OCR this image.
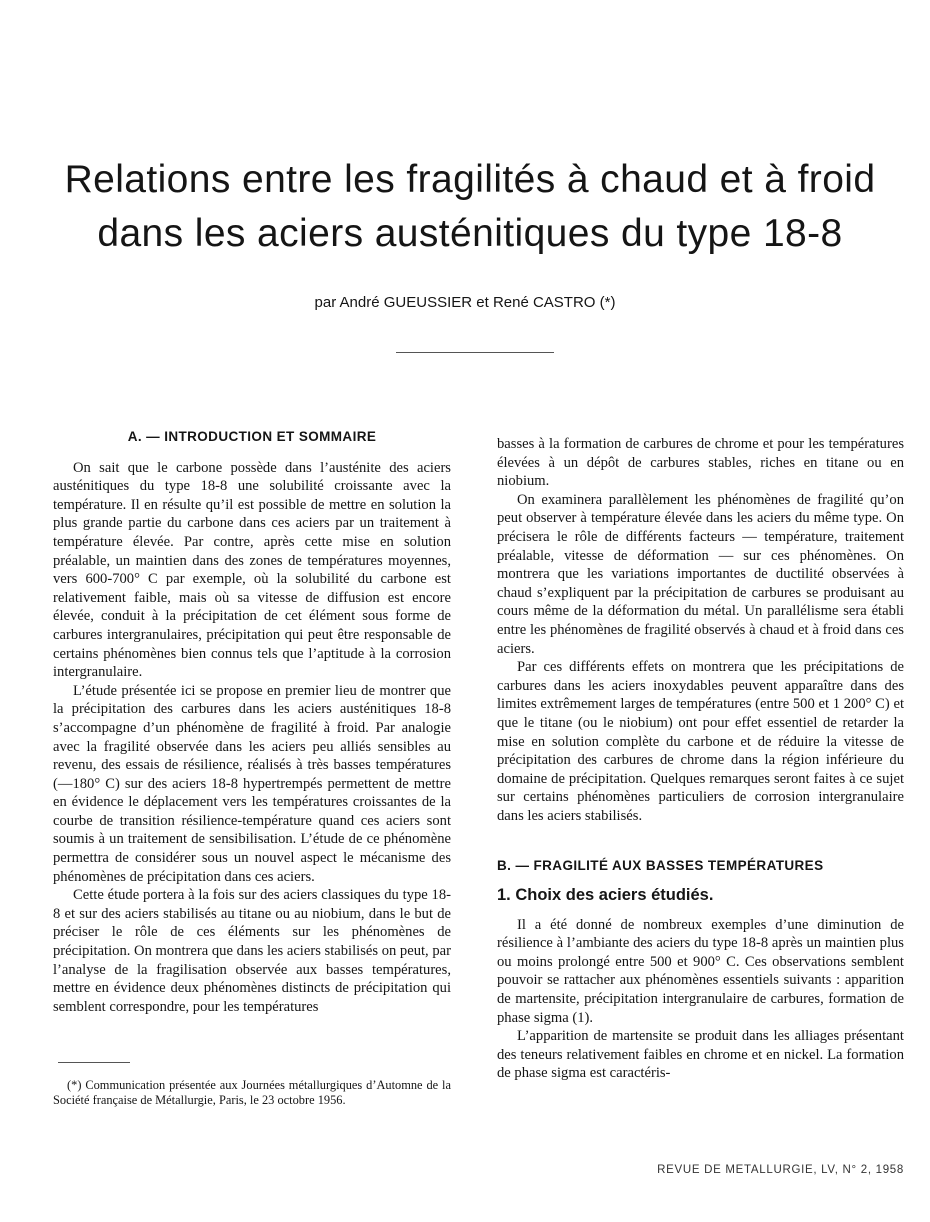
Relations entre les fragilités à chaud et à froid
dans les aciers austénitiques du type 18-8
par André GUEUSSIER et René CASTRO (*)
A. — INTRODUCTION ET SOMMAIRE

On sait que le carbone possède dans l’austénite des aciers austénitiques du type 18-8 une solubilité croissante avec la température. Il en résulte qu’il est possible de mettre en solution la plus grande partie du carbone dans ces aciers par un traitement à température élevée. Par contre, après cette mise en solution préalable, un maintien dans des zones de températures moyennes, vers 600-700° C par exemple, où la solubilité du carbone est relativement faible, mais où sa vitesse de diffusion est encore élevée, conduit à la précipitation de cet élément sous forme de carbures intergranulaires, précipitation qui peut être responsable de certains phénomènes bien connus tels que l’aptitude à la corrosion intergranulaire.

L’étude présentée ici se propose en premier lieu de montrer que la précipitation des carbures dans les aciers austénitiques 18-8 s’accompagne d’un phénomène de fragilité à froid. Par analogie avec la fragilité observée dans les aciers peu alliés sensibles au revenu, des essais de résilience, réalisés à très basses températures (—180° C) sur des aciers 18-8 hypertrempés permettent de mettre en évidence le déplacement vers les températures croissantes de la courbe de transition résilience-température quand ces aciers sont soumis à un traitement de sensibilisation. L’étude de ce phénomène permettra de considérer sous un nouvel aspect le mécanisme des phénomènes de précipitation dans ces aciers.

Cette étude portera à la fois sur des aciers classiques du type 18-8 et sur des aciers stabilisés au titane ou au niobium, dans le but de préciser le rôle de ces éléments sur les phénomènes de précipitation. On montrera que dans les aciers stabilisés on peut, par l’analyse de la fragilisation observée aux basses températures, mettre en évidence deux phénomènes distincts de précipitation qui semblent correspondre, pour les températures

basses à la formation de carbures de chrome et pour les températures élevées à un dépôt de carbures stables, riches en titane ou en niobium.

On examinera parallèlement les phénomènes de fragilité qu’on peut observer à température élevée dans les aciers du même type. On précisera le rôle de différents facteurs — température, traitement préalable, vitesse de déformation — sur ces phénomènes. On montrera que les variations importantes de ductilité observées à chaud s’expliquent par la précipitation de carbures se produisant au cours même de la déformation du métal. Un parallélisme sera établi entre les phénomènes de fragilité observés à chaud et à froid dans ces aciers.

Par ces différents effets on montrera que les précipitations de carbures dans les aciers inoxydables peuvent apparaître dans des limites extrêmement larges de températures (entre 500 et 1 200° C) et que le titane (ou le niobium) ont pour effet essentiel de retarder la mise en solution complète du carbone et de réduire la vitesse de précipitation des carbures de chrome dans la région inférieure du domaine de précipitation. Quelques remarques seront faites à ce sujet sur certains phénomènes particuliers de corrosion intergranulaire dans les aciers stabilisés.

B. — FRAGILITÉ AUX BASSES TEMPÉRATURES
1. Choix des aciers étudiés.

Il a été donné de nombreux exemples d’une diminution de résilience à l’ambiante des aciers du type 18-8 après un maintien plus ou moins prolongé entre 500 et 900° C. Ces observations semblent pouvoir se rattacher aux phénomènes essentiels suivants : apparition de martensite, précipitation intergranulaire de carbures, formation de phase sigma (1).

L’apparition de martensite se produit dans les alliages présentant des teneurs relativement faibles en chrome et en nickel. La formation de phase sigma est caractéris-

(*) Communication présentée aux Journées métallurgiques d’Automne de la Société française de Métallurgie, Paris, le 23 octobre 1956.
REVUE DE METALLURGIE, LV, N° 2, 1958
